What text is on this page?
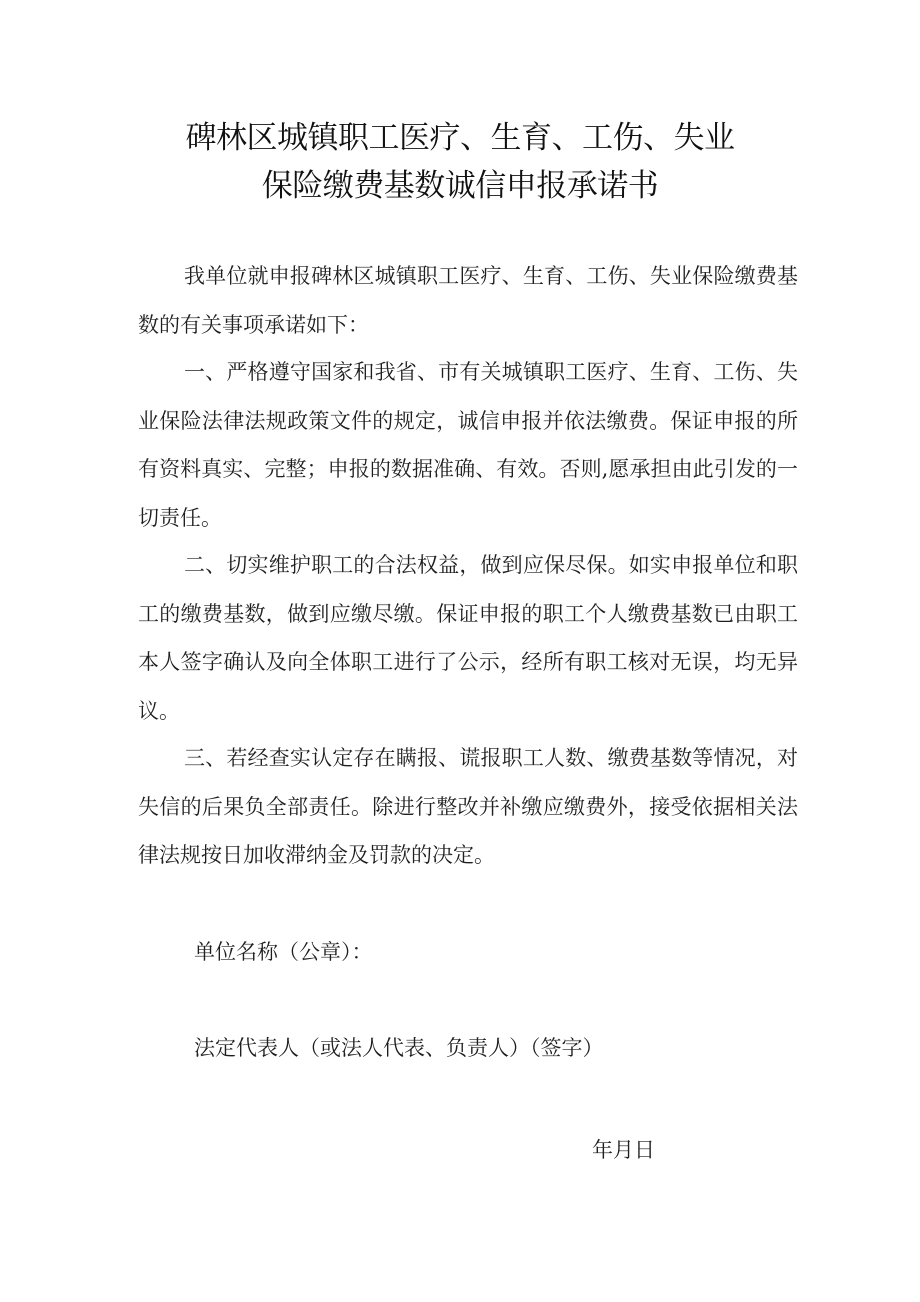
碑林区城镇职工医疗、生育、工伤、失业
保险缴费基数诚信申报承诺书

我单位就申报碑林区城镇职工医疗、生育、工伤、失业保险缴费基数的有关事项承诺如下：

一、严格遵守国家和我省、市有关城镇职工医疗、生育、工伤、失业保险法律法规政策文件的规定，诚信申报并依法缴费。保证申报的所有资料真实、完整；申报的数据准确、有效。否则,愿承担由此引发的一切责任。

二、切实维护职工的合法权益，做到应保尽保。如实申报单位和职工的缴费基数，做到应缴尽缴。保证申报的职工个人缴费基数已由职工本人签字确认及向全体职工进行了公示，经所有职工核对无误，均无异议。

三、若经查实认定存在瞒报、谎报职工人数、缴费基数等情况，对失信的后果负全部责任。除进行整改并补缴应缴费外，接受依据相关法律法规按日加收滞纳金及罚款的决定。

单位名称（公章）：

法定代表人（或法人代表、负责人）（签字）

年月日
